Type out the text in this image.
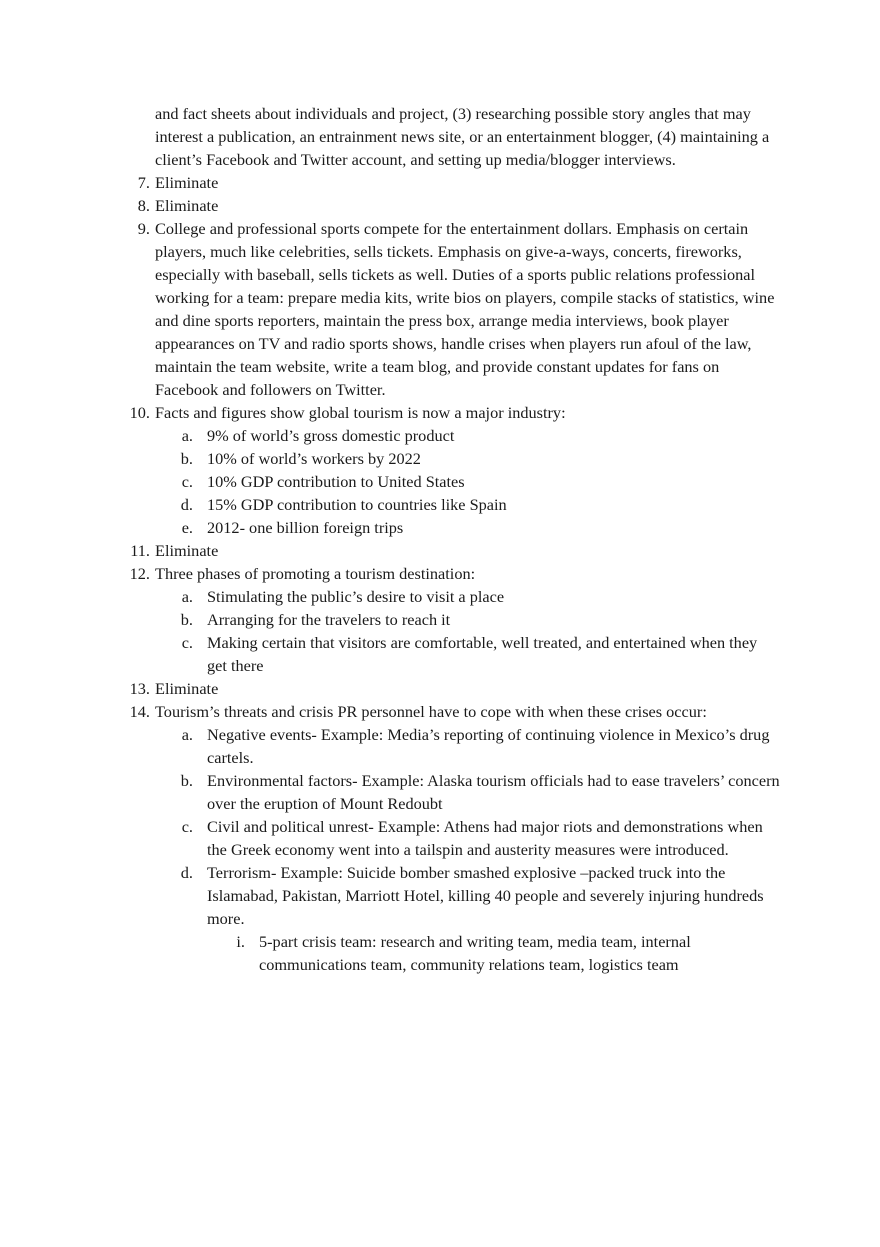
and fact sheets about individuals and project, (3) researching possible story angles that may interest a publication, an entrainment news site, or an entertainment blogger, (4) maintaining a client’s Facebook and Twitter account, and setting up media/blogger interviews.

7. Eliminate
8. Eliminate
9. College and professional sports compete for the entertainment dollars. Emphasis on certain players, much like celebrities, sells tickets. Emphasis on give-a-ways, concerts, fireworks, especially with baseball, sells tickets as well. Duties of a sports public relations professional working for a team: prepare media kits, write bios on players, compile stacks of statistics, wine and dine sports reporters, maintain the press box, arrange media interviews, book player appearances on TV and radio sports shows, handle crises when players run afoul of the law, maintain the team website, write a team blog, and provide constant updates for fans on Facebook and followers on Twitter.
10. Facts and figures show global tourism is now a major industry:
a. 9% of world’s gross domestic product
b. 10% of world’s workers by 2022
c. 10% GDP contribution to United States
d. 15% GDP contribution to countries like Spain
e. 2012- one billion foreign trips
11. Eliminate
12. Three phases of promoting a tourism destination:
a. Stimulating the public’s desire to visit a place
b. Arranging for the travelers to reach it
c. Making certain that visitors are comfortable, well treated, and entertained when they get there
13. Eliminate
14. Tourism’s threats and crisis PR personnel have to cope with when these crises occur:
a. Negative events- Example: Media’s reporting of continuing violence in Mexico’s drug cartels.
b. Environmental factors- Example: Alaska tourism officials had to ease travelers’ concern over the eruption of Mount Redoubt
c. Civil and political unrest- Example: Athens had major riots and demonstrations when the Greek economy went into a tailspin and austerity measures were introduced.
d. Terrorism- Example: Suicide bomber smashed explosive –packed truck into the Islamabad, Pakistan, Marriott Hotel, killing 40 people and severely injuring hundreds more.
i. 5-part crisis team: research and writing team, media team, internal communications team, community relations team, logistics team
